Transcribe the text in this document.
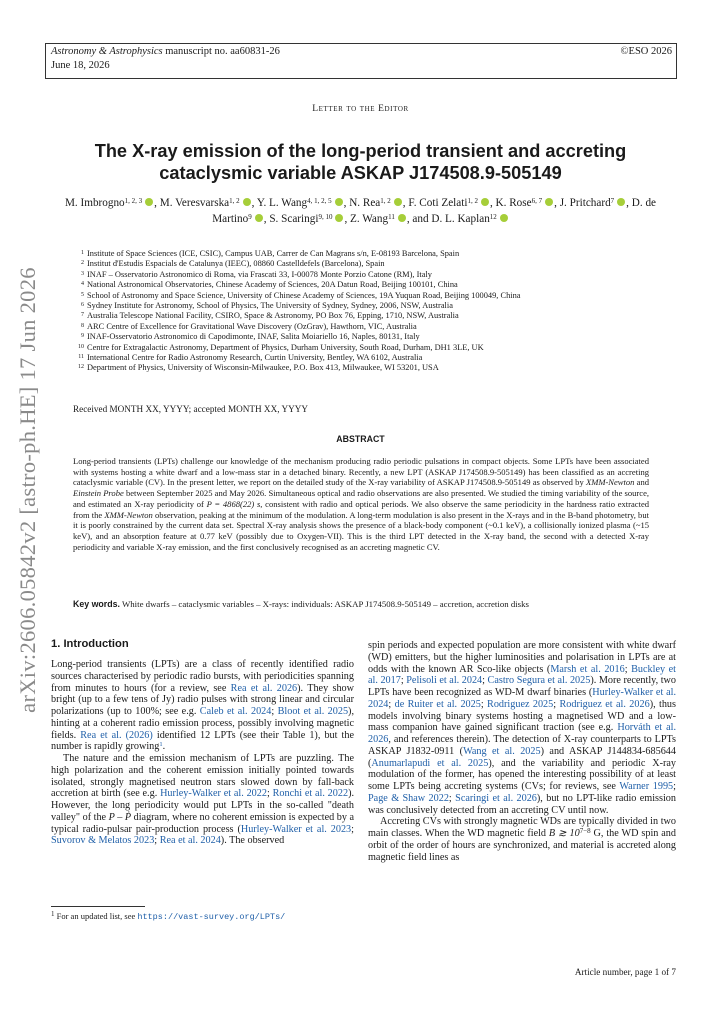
arXiv:2606.05842v2 [astro-ph.HE] 17 Jun 2026
Astronomy & Astrophysics manuscript no. aa60831-26	©ESO 2026
June 18, 2026
Letter to the Editor
The X-ray emission of the long-period transient and accreting
cataclysmic variable ASKAP J174508.9-505149
M. Imbrogno$^{1, 2, 3}$ , M. Veresvarska$^{1, 2}$ , Y. L. Wang$^{4, 1, 2, 5}$ , N. Rea$^{1, 2}$ , F. Coti Zelati$^{1, 2}$ , K. Rose$^{6, 7}$ , J. Pritchard$^7$ , D. de Martino$^9$ , S. Scaringi$^{9, 10}$ , Z. Wang$^{11}$ , and D. L. Kaplan$^{12}$
$^1$ Institute of Space Sciences (ICE, CSIC), Campus UAB, Carrer de Can Magrans s/n, E-08193 Barcelona, Spain
$^2$ Institut d'Estudis Espacials de Catalunya (IEEC), 08860 Castelldefels (Barcelona), Spain
$^3$ INAF – Osservatorio Astronomico di Roma, via Frascati 33, I-00078 Monte Porzio Catone (RM), Italy
$^4$ National Astronomical Observatories, Chinese Academy of Sciences, 20A Datun Road, Beijing 100101, China
$^5$ School of Astronomy and Space Science, University of Chinese Academy of Sciences, 19A Yuquan Road, Beijing 100049, China
$^6$ Sydney Institute for Astronomy, School of Physics, The University of Sydney, Sydney, 2006, NSW, Australia
$^7$ Australia Telescope National Facility, CSIRO, Space & Astronomy, PO Box 76, Epping, 1710, NSW, Australia
$^8$ ARC Centre of Excellence for Gravitational Wave Discovery (OzGrav), Hawthorn, VIC, Australia
$^9$ INAF-Osservatorio Astronomico di Capodimonte, INAF, Salita Moiariello 16, Naples, 80131, Italy
$^{10}$ Centre for Extragalactic Astronomy, Department of Physics, Durham University, South Road, Durham, DH1 3LE, UK
$^{11}$ International Centre for Radio Astronomy Research, Curtin University, Bentley, WA 6102, Australia
$^{12}$ Department of Physics, University of Wisconsin-Milwaukee, P.O. Box 413, Milwaukee, WI 53201, USA
Received MONTH XX, YYYY; accepted MONTH XX, YYYY
ABSTRACT
Long-period transients (LPTs) challenge our knowledge of the mechanism producing radio periodic pulsations in compact objects. Some LPTs have been associated with systems hosting a white dwarf and a low-mass star in a detached binary. Recently, a new LPT (ASKAP J174508.9-505149) has been classified as an accreting cataclysmic variable (CV). In the present letter, we report on the detailed study of the X-ray variability of ASKAP J174508.9-505149 as observed by XMM-Newton and Einstein Probe between September 2025 and May 2026. Simultaneous optical and radio observations are also presented. We studied the timing variability of the source, and estimated an X-ray periodicity of P = 4868(22) s, consistent with radio and optical periods. We also observe the same periodicity in the hardness ratio extracted from the XMM-Newton observation, peaking at the minimum of the modulation. A long-term modulation is also present in the X-rays and in the B-band photometry, but it is poorly constrained by the current data set. Spectral X-ray analysis shows the presence of a black-body component (~0.1 keV), a collisionally ionized plasma (~15 keV), and an absorption feature at 0.77 keV (possibly due to Oxygen-VII). This is the third LPT detected in the X-ray band, the second with a detected X-ray periodicity and variable X-ray emission, and the first conclusively recognised as an accreting magnetic CV.
Key words. White dwarfs – cataclysmic variables – X-rays: individuals: ASKAP J174508.9-505149 – accretion, accretion disks
1. Introduction

Long-period transients (LPTs) are a class of recently identified radio sources characterised by periodic radio bursts, with periodicities spanning from minutes to hours (for a review, see Rea et al. 2026). They show bright (up to a few tens of Jy) radio pulses with strong linear and circular polarizations (up to 100%; see e.g. Caleb et al. 2024; Bloot et al. 2025), hinting at a coherent radio emission process, possibly involving magnetic fields. Rea et al. (2026) identified 12 LPTs (see their Table 1), but the number is rapidly growing$^1$.

The nature and the emission mechanism of LPTs are puzzling. The high polarization and the coherent emission initially pointed towards isolated, strongly magnetised neutron stars slowed down by fall-back accretion at birth (see e.g. Hurley-Walker et al. 2022; Ronchi et al. 2022). However, the long periodicity would put LPTs in the so-called "death valley" of the P – Ṗ diagram, where no coherent emission is expected by a typical radio-pulsar pair-production process (Hurley-Walker et al. 2023; Suvorov & Melatos 2023; Rea et al. 2024). The observed

spin periods and expected population are more consistent with white dwarf (WD) emitters, but the higher luminosities and polarisation in LPTs are at odds with the known AR Sco-like objects (Marsh et al. 2016; Buckley et al. 2017; Pelisoli et al. 2024; Castro Segura et al. 2025). More recently, two LPTs have been recognized as WD-M dwarf binaries (Hurley-Walker et al. 2024; de Ruiter et al. 2025; Rodriguez 2025; Rodriguez et al. 2026), thus models involving binary systems hosting a magnetised WD and a low-mass companion have gained significant traction (see e.g. Horváth et al. 2026, and references therein). The detection of X-ray counterparts to LPTs ASKAP J1832-0911 (Wang et al. 2025) and ASKAP J144834-685644 (Anumarlapudi et al. 2025), and the variability and periodic X-ray modulation of the former, has opened the interesting possibility of at least some LPTs being accreting systems (CVs; for reviews, see Warner 1995; Page & Shaw 2022; Scaringi et al. 2026), but no LPT-like radio emission was conclusively detected from an accreting CV until now.

Accreting CVs with strongly magnetic WDs are typically divided in two main classes. When the WD magnetic field B ≳ $10^{7-8}$ G, the WD spin and orbit of the order of hours are synchronized, and material is accreted along magnetic field lines as

$^1$ For an updated list, see https://vast-survey.org/LPTs/
Article number, page 1 of 7
